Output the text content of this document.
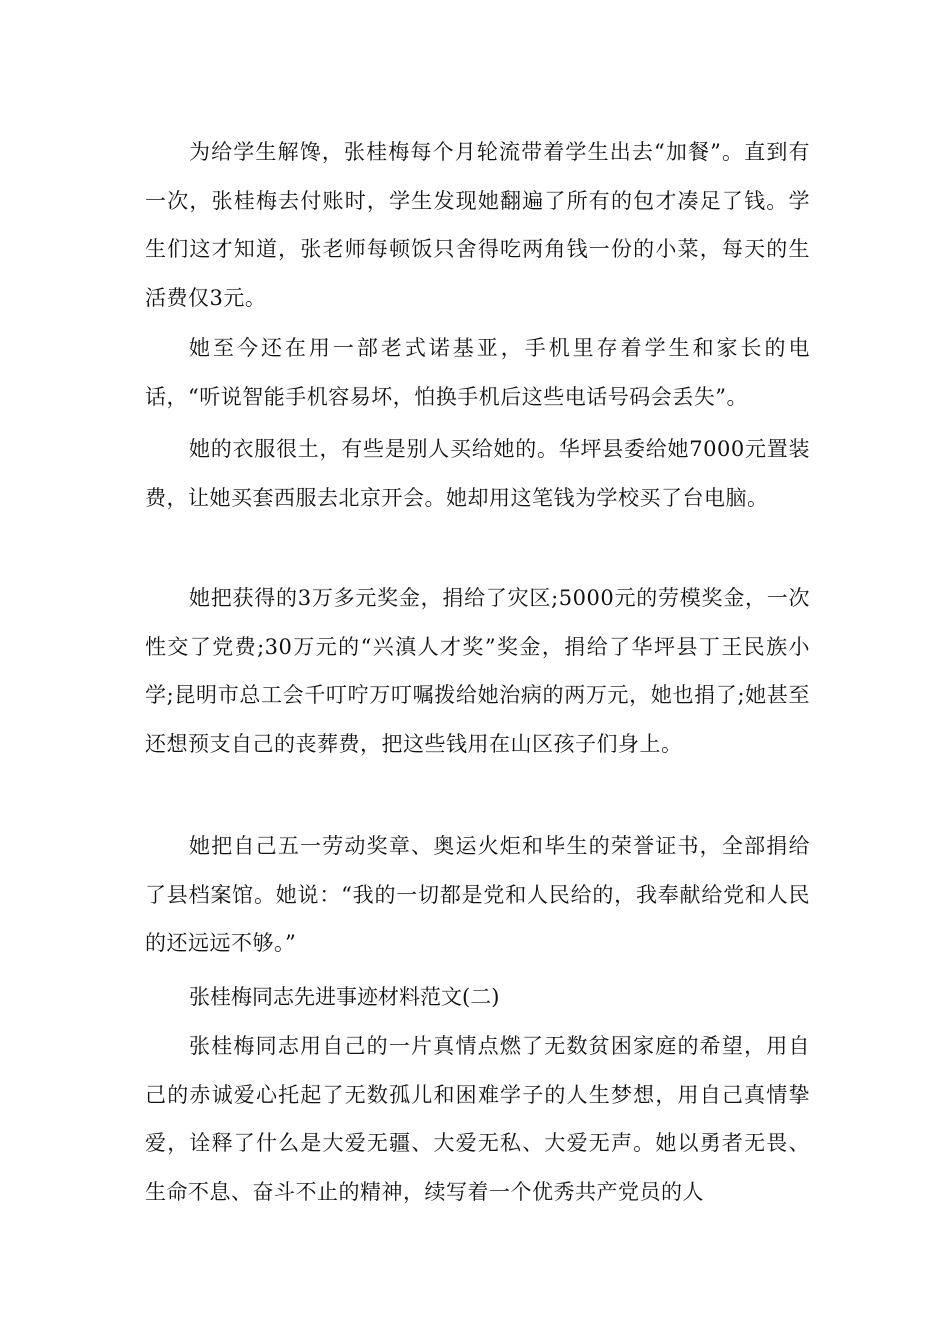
为给学生解馋，张桂梅每个月轮流带着学生出去“加餐”。直到有一次，张桂梅去付账时，学生发现她翻遍了所有的包才凑足了钱。学生们这才知道，张老师每顿饭只舍得吃两角钱一份的小菜，每天的生活费仅3元。

她至今还在用一部老式诺基亚，手机里存着学生和家长的电话，“听说智能手机容易坏，怕换手机后这些电话号码会丢失”。

她的衣服很土，有些是别人买给她的。华坪县委给她7000元置装费，让她买套西服去北京开会。她却用这笔钱为学校买了台电脑。

她把获得的3万多元奖金，捐给了灾区;5000元的劳模奖金，一次性交了党费;30万元的“兴滇人才奖”奖金，捐给了华坪县丁王民族小学;昆明市总工会千叮咛万叮嘱拨给她治病的两万元，她也捐了;她甚至还想预支自己的丧葬费，把这些钱用在山区孩子们身上。

她把自己五一劳动奖章、奥运火炬和毕生的荣誉证书，全部捐给了县档案馆。她说：“我的一切都是党和人民给的，我奉献给党和人民的还远远不够。”

张桂梅同志先进事迹材料范文(二)

张桂梅同志用自己的一片真情点燃了无数贫困家庭的希望，用自己的赤诚爱心托起了无数孤儿和困难学子的人生梦想，用自己真情挚爱，诠释了什么是大爱无疆、大爱无私、大爱无声。她以勇者无畏、生命不息、奋斗不止的精神，续写着一个优秀共产党员的人
